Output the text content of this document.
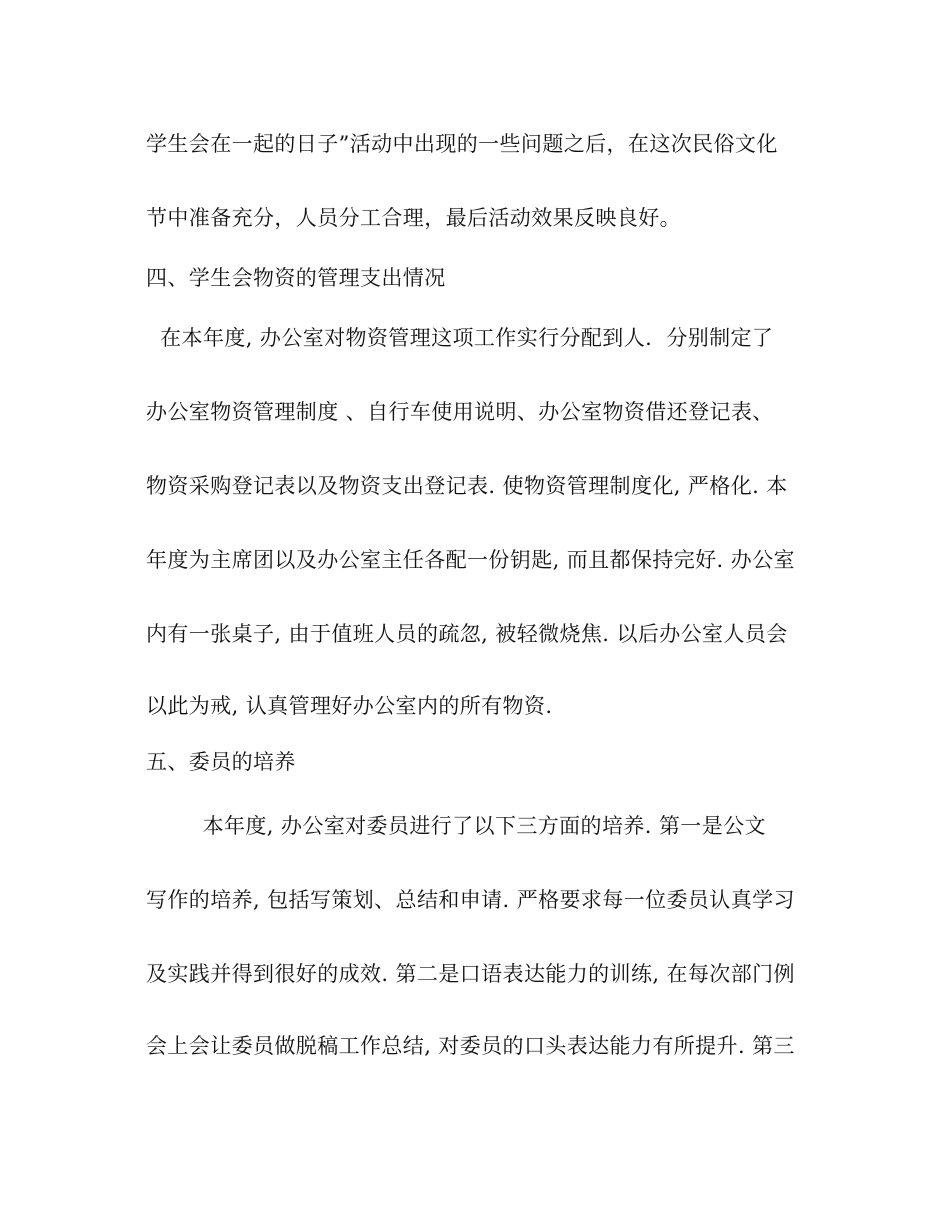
学生会在一起的日子”活动中出现的一些问题之后，在这次民俗文化
节中准备充分，人员分工合理，最后活动效果反映良好。
四、学生会物资的管理支出情况
在本年度, 办公室对物资管理这项工作实行分配到人.  分别制定了
办公室物资管理制度 、自行车使用说明、办公室物资借还登记表、
物资采购登记表以及物资支出登记表. 使物资管理制度化, 严格化. 本
年度为主席团以及办公室主任各配一份钥匙, 而且都保持完好. 办公室
内有一张桌子, 由于值班人员的疏忽, 被轻微烧焦. 以后办公室人员会
以此为戒, 认真管理好办公室内的所有物资.
五、委员的培养
本年度, 办公室对委员进行了以下三方面的培养. 第一是公文
写作的培养, 包括写策划、总结和申请. 严格要求每一位委员认真学习
及实践并得到很好的成效. 第二是口语表达能力的训练, 在每次部门例
会上会让委员做脱稿工作总结, 对委员的口头表达能力有所提升. 第三
